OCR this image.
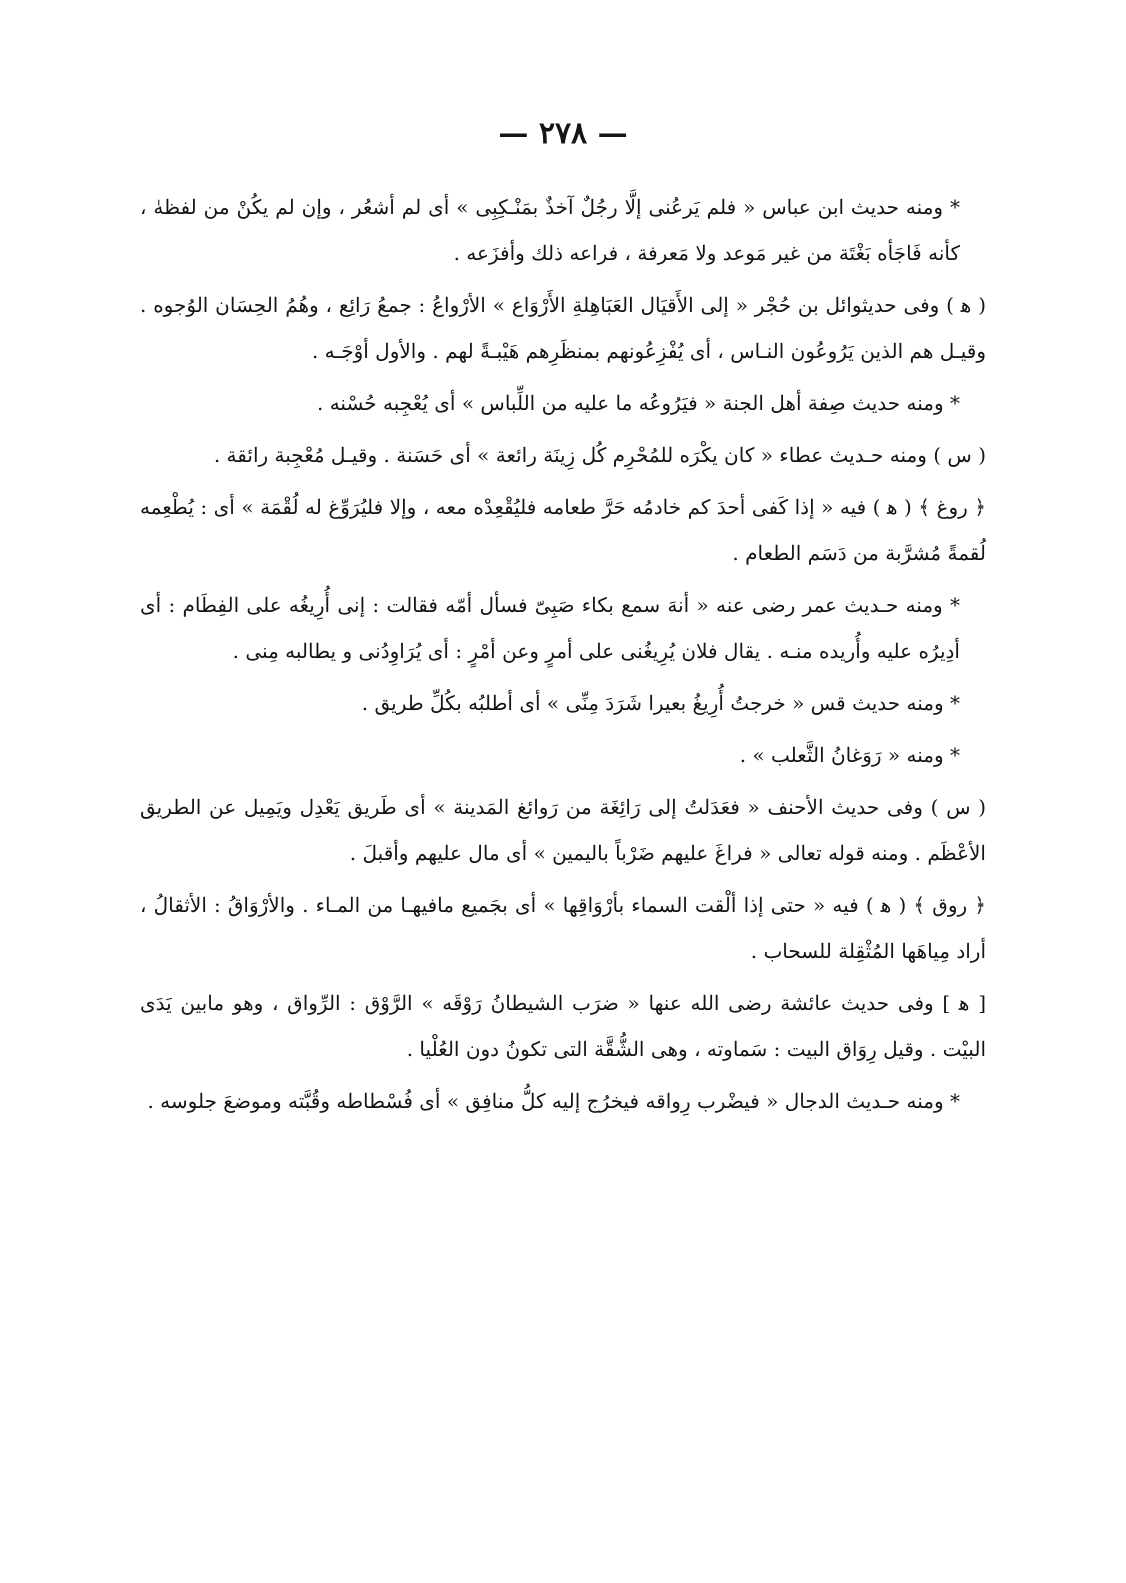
— ٢٧٨ —

* ومنه حديث ابن عباس « فلم يَرعُنى إلَّا رجُلٌ آخذٌ بمَنْـكِبِى » أى لم أشعُر ، وإن لم يكُنْ من لفظهٰ ، كأنه فَاجَأه بَغْتَة من غير مَوعد ولا مَعرفة ، فراعه ذلك وأفزَعه .

( ﻫ ) وفى حديثوائل بن حُجْر « إلى الأَقيَال العَبَاهِلةِ الأَرْوَاع » الأرْواعُ : جمعُ رَائِع ، وهُمُ الحِسَان الوُجوه . وقيـل هم الذين يَرُوعُون النـاس ، أى يُفْزِعُونهم بمنظَرِهم هَيْبـةً لهم . والأول أوْجَـه .

* ومنه حديث صِفة أهل الجنة « فيَرُوعُه ما عليه من اللِّباس » أى يُعْجِبه حُسْنه .

( س ) ومنه حـديث عطاء « كان يكْرَه للمُحْرِم كُل زِينَة رائعة » أى حَسَنة . وقيـل مُعْجِبة رائقة .

﴿ روغ ﴾ ( ﻫ ) فيه « إذا كَفى أحدَ كم خادمُه حَرَّ طعامه فليُقْعِدْه معه ، وإلا فليُرَوِّغ له لُقْمَة » أى : يُطْعِمه لُقمةً مُشرَّبة من دَسَم الطعام .

* ومنه حـديث عمر رضى عنه « أنهَ سمع بكاء صَبِىّ فسأل أمّه فقالت : إنى أُرِيغُه على الفِطَام : أى أدِيرُه عليه وأُريده منـه . يقال فلان يُرِيغُنى على أمرٍ وعن أمْرٍ : أى يُرَاوِدُنى و يطالبه مِنى .

* ومنه حديث قس « خرجتُ أُرِيغُ بعيرا شَرَدَ مِنِّى » أى أطلبُه بكُلِّ طريق .

* ومنه « رَوَغانُ الثَّعلب » .

( س ) وفى حديث الأحنف « فعَدَلتُ إلى رَائِغَة من رَوائغ المَدينة » أى طَريق يَعْدِل ويَمِيل عن الطريق الأعْظَم . ومنه قوله تعالى « فراغَ عليهم ضَرْباً باليمين » أى مال عليهم وأقبلَ .

﴿ روق ﴾ ( ﻫ ) فيه « حتى إذا ألْقت السماء بأرْوَاقِها » أى بجَميع مافيهـا من المـاء . والأرْوَاقُ : الأثقالُ ، أراد مِياهَها المُثْقِلة للسحاب .

[ ﻫ ] وفى حديث عائشة رضى الله عنها « ضرَب الشيطانُ رَوْقَه » الرَّوْق : الرِّواق ، وهو مابين يَدَى البيْت . وقيل رِوَاق البيت : سَماوته ، وهى الشُّقَّة التى تكونُ دون العُلْيا .

* ومنه حـديث الدجال « فيضْرب رِواقه فيخرُج إليه كلُّ منافِق » أى فُسْطاطه وقُبَّته وموضعَ جلوسه .
